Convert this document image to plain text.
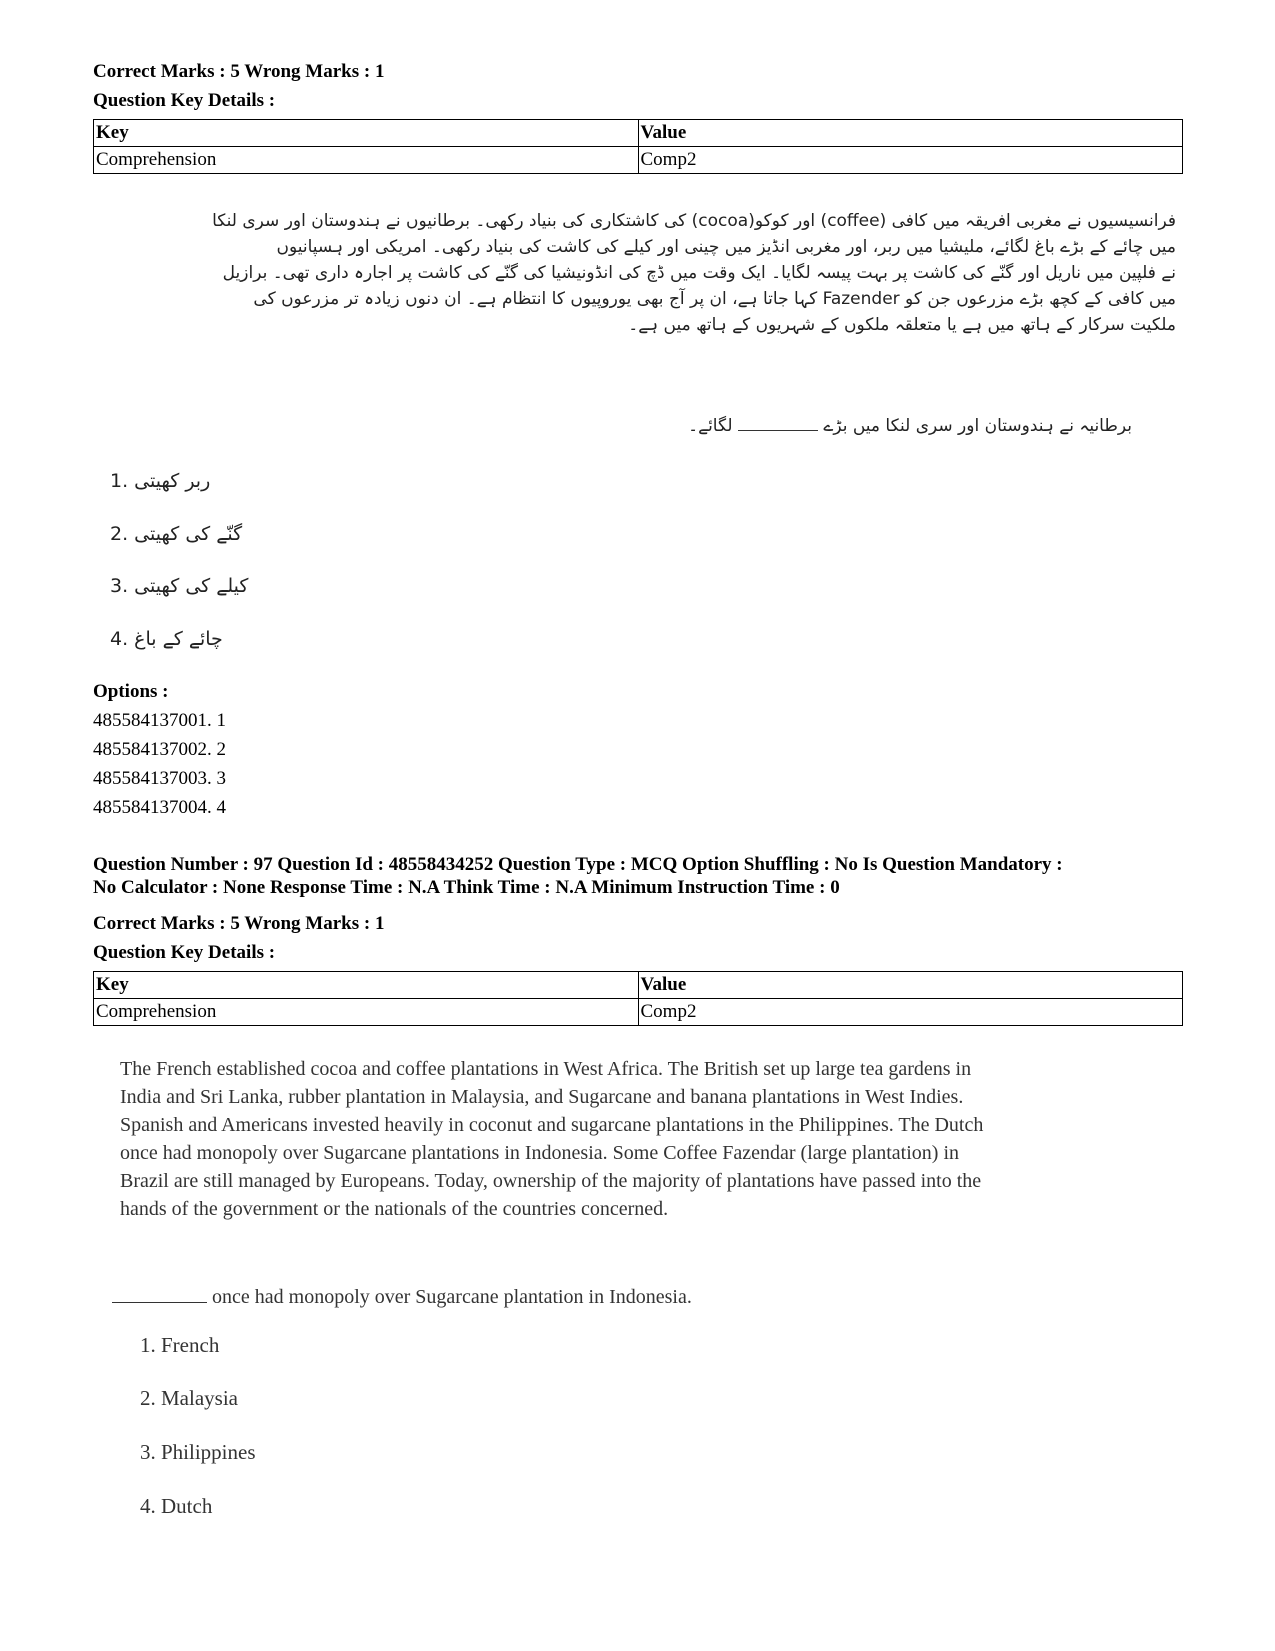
Correct Marks : 5 Wrong Marks : 1
Question Key Details :
Key	Value
Comprehension	Comp2
فرانسیسیوں نے مغربی افریقہ میں کافی (coffee) اور کوکو(cocoa) کی کاشتکاری کی بنیاد رکھی۔ برطانیوں نے ہندوستان اور سری لنکا
میں چائے کے بڑے باغ لگائے، ملیشیا میں ربر، اور مغربی انڈیز میں چینی اور کیلے کی کاشت کی بنیاد رکھی۔ امریکی اور ہسپانیوں
نے فلپین میں ناریل اور گنّے کی کاشت پر بہت پیسہ لگایا۔ ایک وقت میں ڈچ کی انڈونیشیا کی گنّے کی کاشت پر اجارہ داری تھی۔ برازیل
میں کافی کے کچھ بڑے مزرعوں جن کو Fazender کہا جاتا ہے، ان پر آج بھی یوروپیوں کا انتظام ہے۔ ان دنوں زیادہ تر مزرعوں کی
ملکیت سرکار کے ہاتھ میں ہے یا متعلقہ ملکوں کے شہریوں کے ہاتھ میں ہے۔
برطانیہ نے ہندوستان اور سری لنکا میں بڑے  لگائے۔
ربر کھیتی .1
گنّے کی کھیتی .2
کیلے کی کھیتی .3
چائے کے باغ .4
Options :
485584137001. 1
485584137002. 2
485584137003. 3
485584137004. 4
Question Number : 97 Question Id : 48558434252 Question Type : MCQ Option Shuffling : No Is Question Mandatory :
No Calculator : None Response Time : N.A Think Time : N.A Minimum Instruction Time : 0
Correct Marks : 5 Wrong Marks : 1
Question Key Details :
Key	Value
Comprehension	Comp2
The French established cocoa and coffee plantations in West Africa. The British set up large tea gardens in
India and Sri Lanka, rubber plantation in Malaysia, and Sugarcane and banana plantations in West Indies.
Spanish and Americans invested heavily in coconut and sugarcane plantations in the Philippines. The Dutch
once had monopoly over Sugarcane plantations in Indonesia. Some Coffee Fazendar (large plantation) in
Brazil are still managed by Europeans. Today, ownership of the majority of plantations have passed into the
hands of the government or the nationals of the countries concerned.
once had monopoly over Sugarcane plantation in Indonesia.
1. French
2. Malaysia
3. Philippines
4. Dutch
